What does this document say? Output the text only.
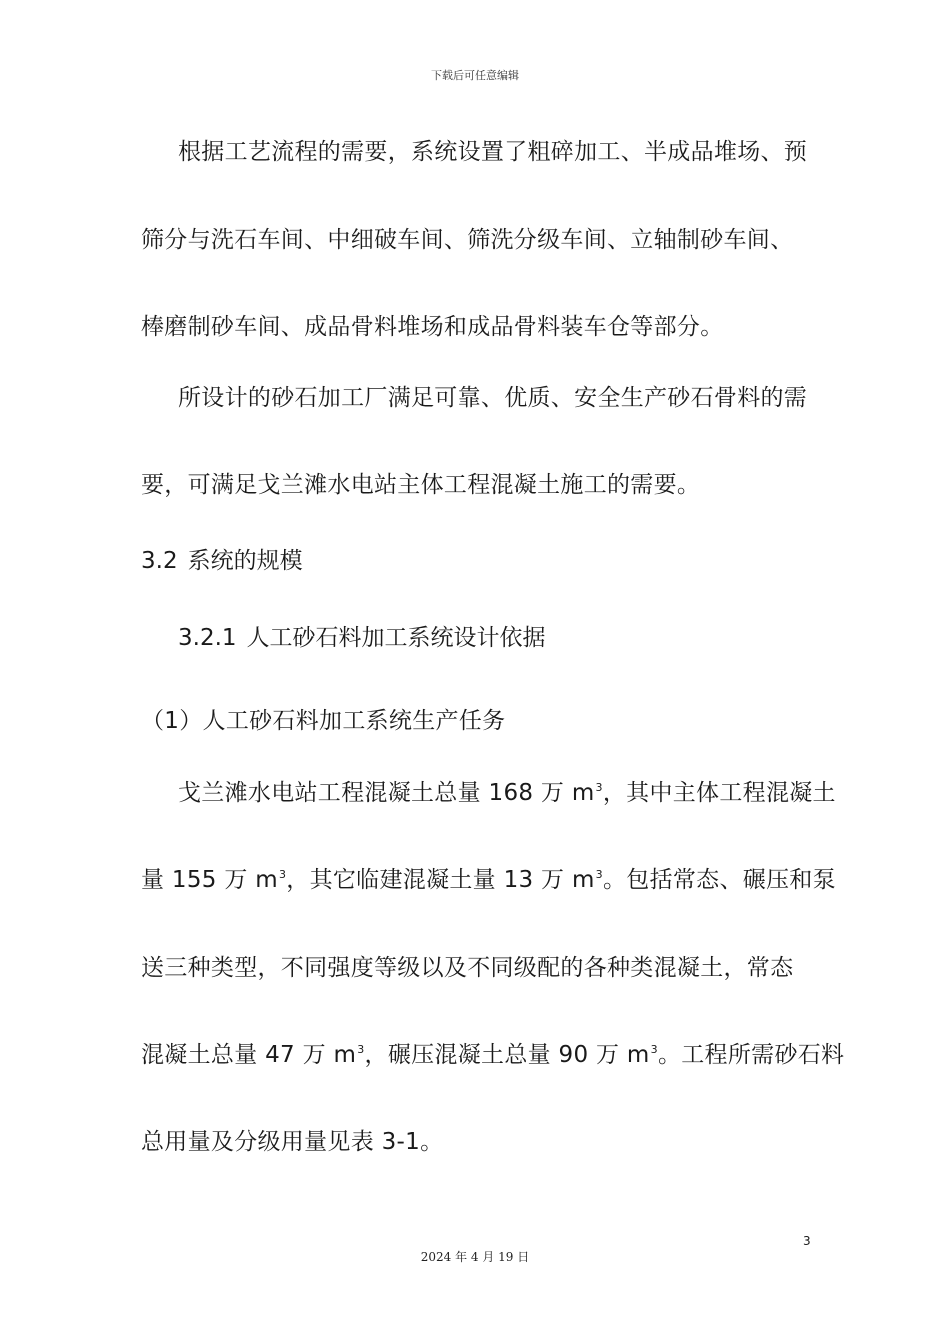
下载后可任意编辑
根据工艺流程的需要，系统设置了粗碎加工、半成品堆场、预
筛分与洗石车间、中细破车间、筛洗分级车间、立轴制砂车间、
棒磨制砂车间、成品骨料堆场和成品骨料装车仓等部分。
所设计的砂石加工厂满足可靠、优质、安全生产砂石骨料的需
要，可满足戈兰滩水电站主体工程混凝土施工的需要。
3.2 系统的规模
3.2.1 人工砂石料加工系统设计依据
（1）人工砂石料加工系统生产任务
戈兰滩水电站工程混凝土总量 168 万 $m^3$，其中主体工程混凝土
量 155 万 $m^3$，其它临建混凝土量 13 万 $m^3$。包括常态、碾压和泵
送三种类型，不同强度等级以及不同级配的各种类混凝土，常态
混凝土总量 47 万 $m^3$，碾压混凝土总量 90 万 $m^3$。工程所需砂石料
总用量及分级用量见表 3-1。
3
2024 年 4 月 19 日
